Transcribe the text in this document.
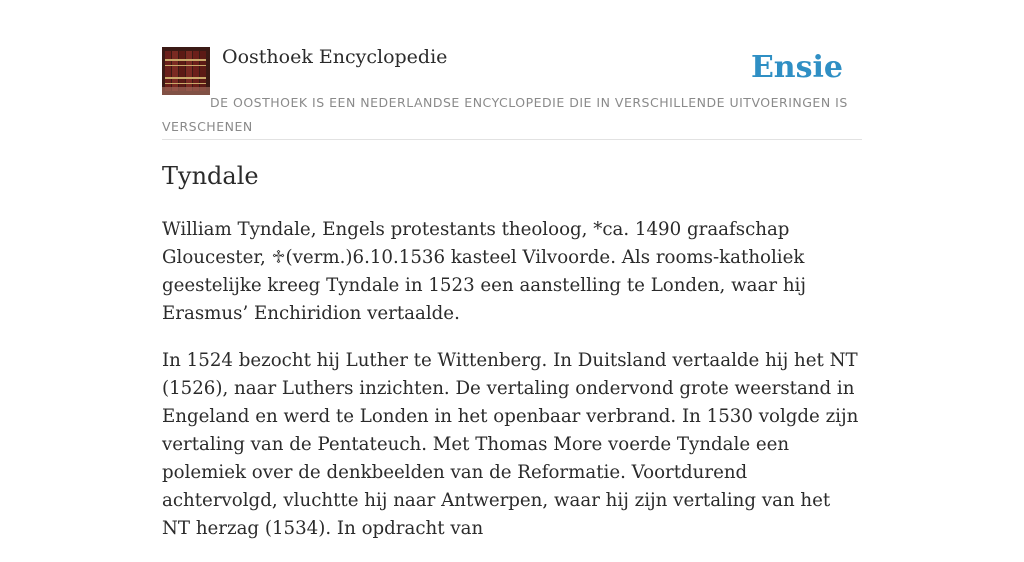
Oosthoek Encyclopedie	Ensie
DE OOSTHOEK IS EEN NEDERLANDSE ENCYCLOPEDIE DIE IN VERSCHILLENDE UITVOERINGEN IS VERSCHENEN
Tyndale

William Tyndale, Engels protestants theoloog, *ca. 1490 graafschap Gloucester, ♱(verm.)6.10.1536 kasteel Vilvoorde. Als rooms-katholiek geestelijke kreeg Tyndale in 1523 een aanstelling te Londen, waar hij Erasmus’ Enchiridion vertaalde.

In 1524 bezocht hij Luther te Wittenberg. In Duitsland vertaalde hij het NT (1526), naar Luthers inzichten. De vertaling ondervond grote weerstand in Engeland en werd te Londen in het openbaar verbrand. In 1530 volgde zijn vertaling van de Pentateuch. Met Thomas More voerde Tyndale een polemiek over de denkbeelden van de Reformatie. Voortdurend achtervolgd, vluchtte hij naar Antwerpen, waar hij zijn vertaling van het NT herzag (1534). In opdracht van
